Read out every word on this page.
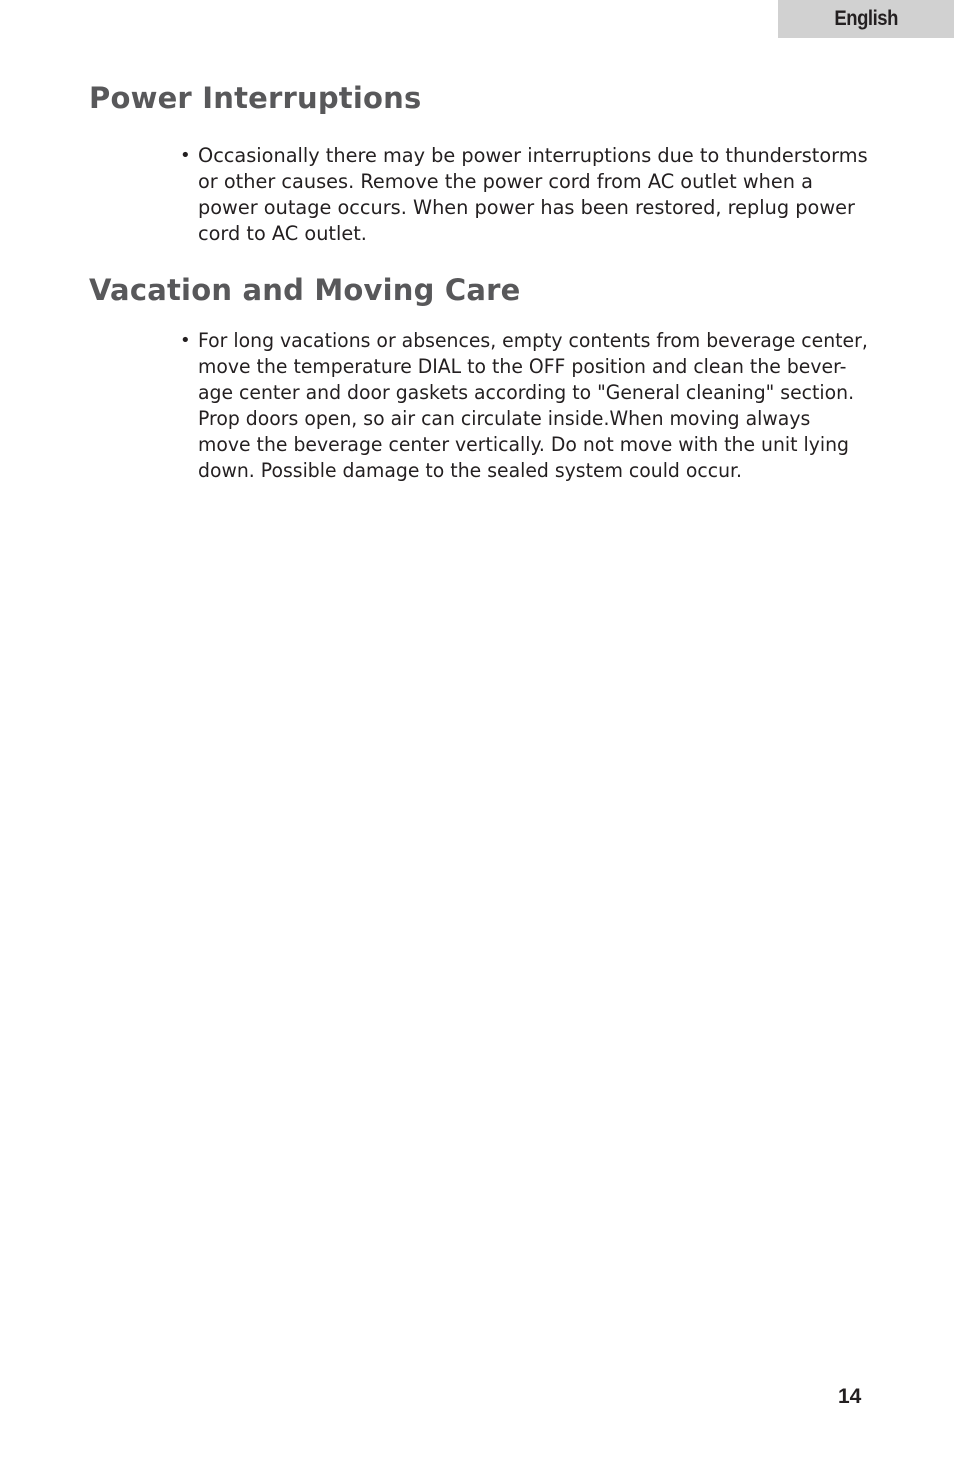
English
Power Interruptions
• Occasionally there may be power interruptions due to thunderstorms
or other causes. Remove the power cord from AC outlet when a
power outage occurs. When power has been restored, replug power
cord to AC outlet.
Vacation and Moving Care
• For long vacations or absences, empty contents from beverage center,
move the temperature DIAL to the OFF position and clean the bever-
age center and door gaskets according to "General cleaning" section.
Prop doors open, so air can circulate inside.When moving always
move the beverage center vertically. Do not move with the unit lying
down. Possible damage to the sealed system could occur.
14
